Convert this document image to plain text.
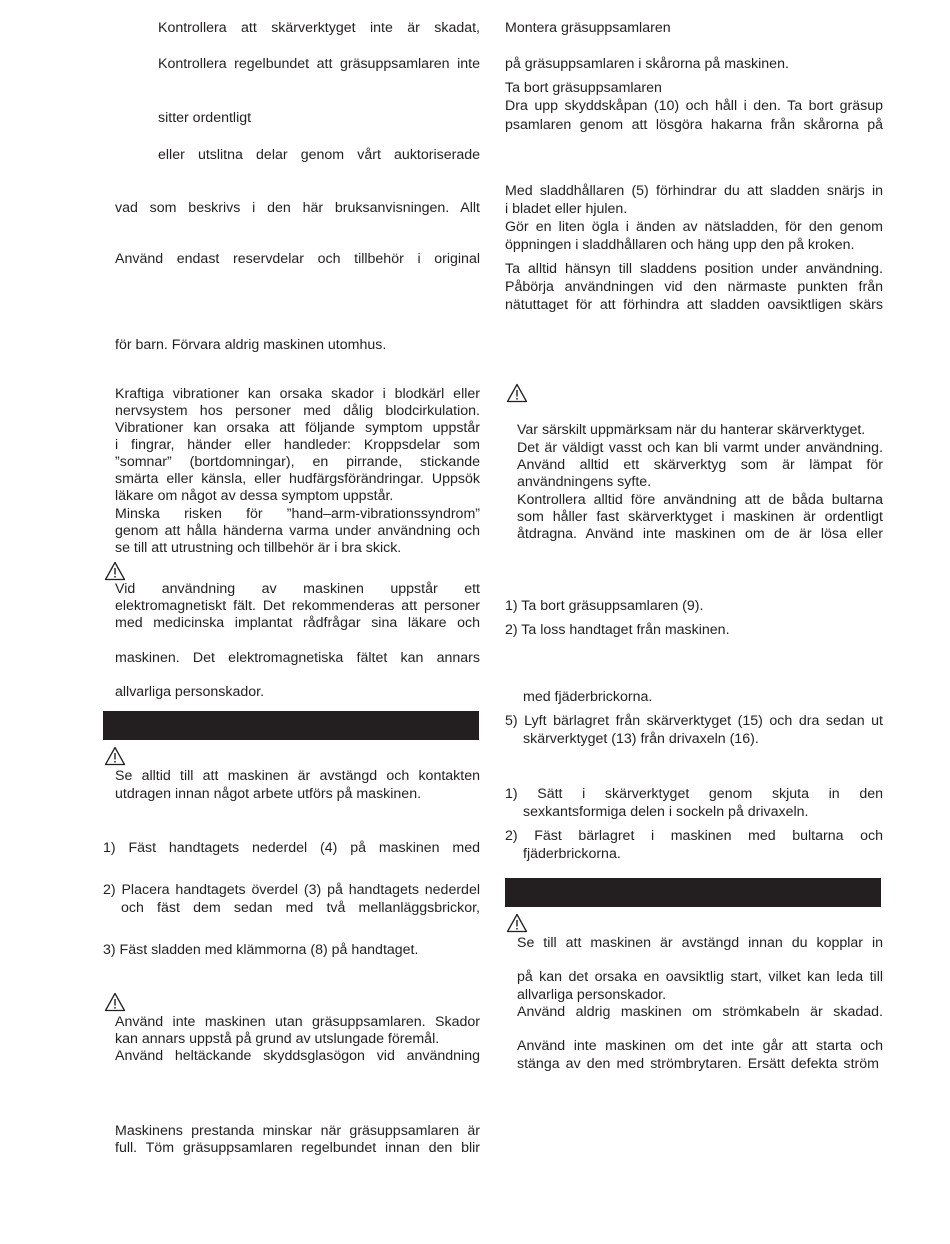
Kontrollera att skärverktyget inte är skadat,
Kontrollera regelbundet att gräsuppsamlaren inte
sitter ordentligt
eller utslitna delar genom vårt auktoriserade
vad som beskrivs i den här bruksanvisningen. Allt
Använd endast reservdelar och tillbehör i original
för barn. Förvara aldrig maskinen utomhus.
Kraftiga vibrationer kan orsaka skador i blodkärl eller
nervsystem hos personer med dålig blodcirkulation.
Vibrationer kan orsaka att följande symptom uppstår
i fingrar, händer eller handleder: Kroppsdelar som
”somnar” (bortdomningar), en pirrande, stickande
smärta eller känsla, eller hudfärgsförändringar. Uppsök
läkare om något av dessa symptom uppstår.
Minska risken för ”hand–arm-vibrationssyndrom”
genom att hålla händerna varma under användning och
se till att utrustning och tillbehör är i bra skick.
Vid användning av maskinen uppstår ett
elektromagnetiskt fält. Det rekommenderas att personer
med medicinska implantat rådfrågar sina läkare och
maskinen. Det elektromagnetiska fältet kan annars
allvarliga personskador.
Se alltid till att maskinen är avstängd och kontakten
utdragen innan något arbete utförs på maskinen.
1) Fäst handtagets nederdel (4) på maskinen med
2) Placera handtagets överdel (3) på handtagets nederdel
och fäst dem sedan med två mellanläggsbrickor,
3) Fäst sladden med klämmorna (8) på handtaget.
Använd inte maskinen utan gräsuppsamlaren. Skador
kan annars uppstå på grund av utslungade föremål.
Använd heltäckande skyddsglasögon vid användning
Maskinens prestanda minskar när gräsuppsamlaren är
full. Töm gräsuppsamlaren regelbundet innan den blir
Montera gräsuppsamlaren
på gräsuppsamlaren i skårorna på maskinen.
Ta bort gräsuppsamlaren
Dra upp skyddskåpan (10) och håll i den. Ta bort gräsup
psamlaren genom att lösgöra hakarna från skårorna på
Med sladdhållaren (5) förhindrar du att sladden snärjs in
i bladet eller hjulen.
Gör en liten ögla i änden av nätsladden, för den genom
öppningen i sladdhållaren och häng upp den på kroken.
Ta alltid hänsyn till sladdens position under användning.
Påbörja användningen vid den närmaste punkten från
nätuttaget för att förhindra att sladden oavsiktligen skärs
Var särskilt uppmärksam när du hanterar skärverktyget.
Det är väldigt vasst och kan bli varmt under användning.
Använd alltid ett skärverktyg som är lämpat för
användningens syfte.
Kontrollera alltid före användning att de båda bultarna
som håller fast skärverktyget i maskinen är ordentligt
åtdragna. Använd inte maskinen om de är lösa eller
1) Ta bort gräsuppsamlaren (9).
2) Ta loss handtaget från maskinen.
med fjäderbrickorna.
5) Lyft bärlagret från skärverktyget (15) och dra sedan ut
skärverktyget (13) från drivaxeln (16).
1) Sätt i skärverktyget genom skjuta in den
sexkantsformiga delen i sockeln på drivaxeln.
2) Fäst bärlagret i maskinen med bultarna och
fjäderbrickorna.
Se till att maskinen är avstängd innan du kopplar in
på kan det orsaka en oavsiktlig start, vilket kan leda till
allvarliga personskador.
Använd aldrig maskinen om strömkabeln är skadad.
Använd inte maskinen om det inte går att starta och
stänga av den med strömbrytaren. Ersätt defekta ström
